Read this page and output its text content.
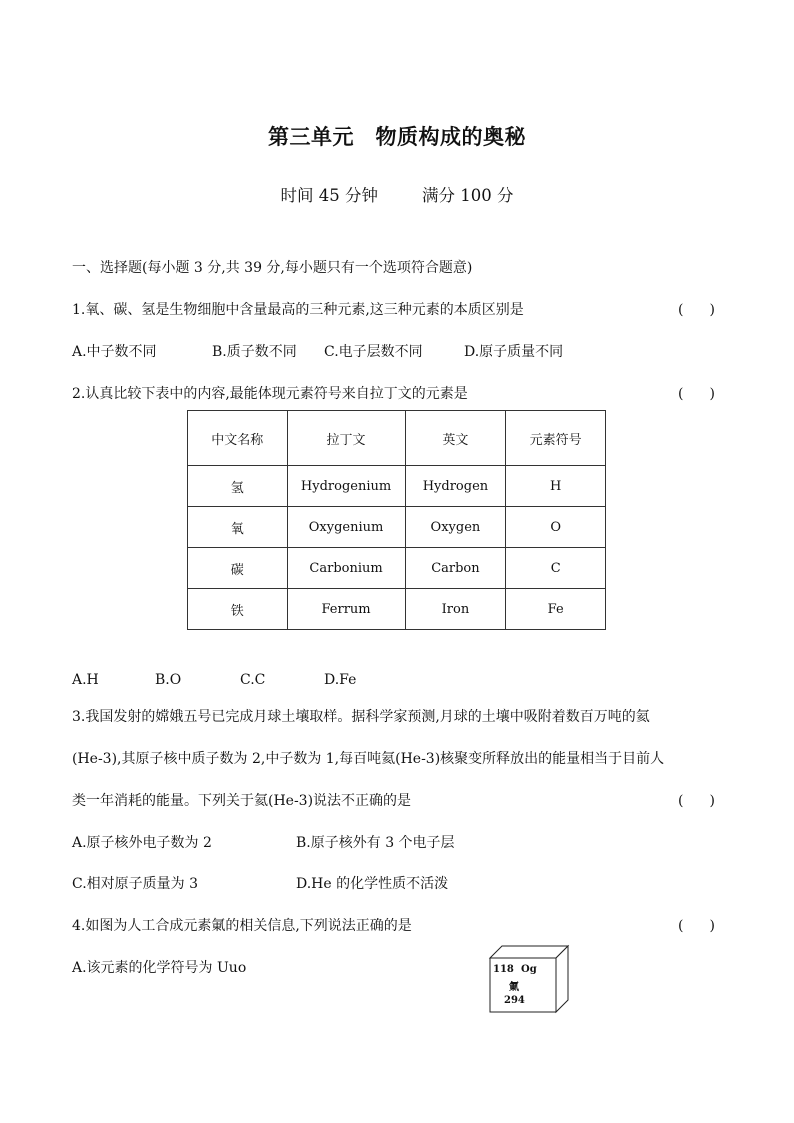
第三单元　物质构成的奥秘
时间 45 分钟	满分 100 分
一、选择题(每小题 3 分,共 39 分,每小题只有一个选项符合题意)
1.氧、碳、氢是生物细胞中含量最高的三种元素,这三种元素的本质区别是	( )
A.中子数不同	B.质子数不同 C.电子层数不同	D.原子质量不同
2.认真比较下表中的内容,最能体现元素符号来自拉丁文的元素是	( )
中文名称	拉丁文	英文	元素符号
氢	Hydrogenium	Hydrogen	H
氧	Oxygenium	Oxygen	O
碳	Carbonium	Carbon	C
铁	Ferrum	Iron	Fe
A.H	B.O	C.C	D.Fe
3.我国发射的嫦娥五号已完成月球土壤取样。据科学家预测,月球的土壤中吸附着数百万吨的氦
(He-3),其原子核中质子数为 2,中子数为 1,每百吨氦(He-3)核聚变所释放出的能量相当于目前人
类一年消耗的能量。下列关于氦(He-3)说法不正确的是	( )
A.原子核外电子数为 2	B.原子核外有 3 个电子层
C.相对原子质量为 3	D.He 的化学性质不活泼
4.如图为人工合成元素氭的相关信息,下列说法正确的是	( )
A.该元素的化学符号为 Uuo	118 Og
氭
294
